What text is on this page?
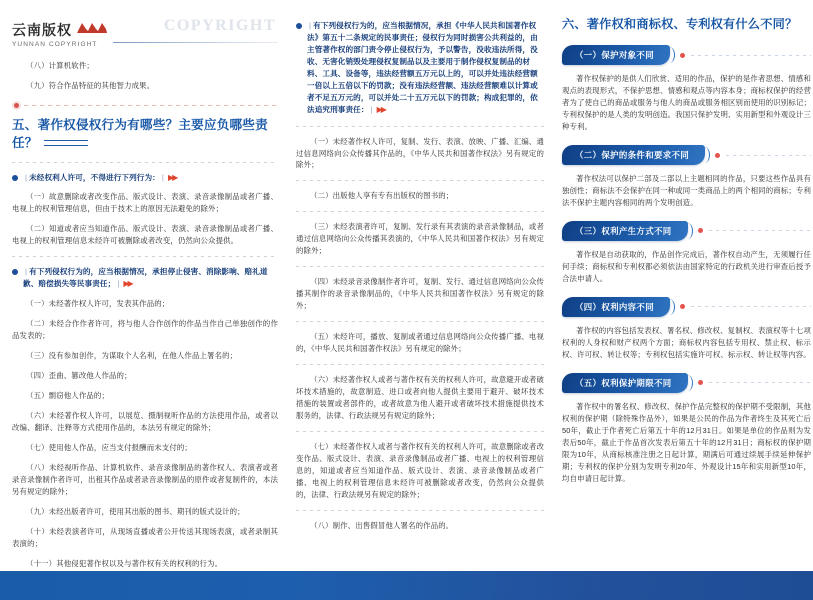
云南版权
YUNNAN COPYRIGHT
COPYRIGHT

（八）计算机软件；

（九）符合作品特征的其他智力成果。

五、著作权侵权行为有哪些？主要应负哪些责任？
| 未经权利人许可，不得进行下列行为： | ▶▶

（一）故意删除或者改变作品、版式设计、表演、录音录像制品或者广播、电视上的权利管理信息，但由于技术上的原因无法避免的除外；

（二）知道或者应当知道作品、版式设计、表演、录音录像制品或者广播、电视上的权利管理信息未经许可被删除或者改变，仍然向公众提供。

| 有下列侵权行为的，应当根据情况，承担停止侵害、消除影响、赔礼道歉、赔偿损失等民事责任； | ▶▶

（一）未经著作权人许可，发表其作品的；

（二）未经合作作者许可，将与他人合作创作的作品当作自己单独创作的作品发表的；

（三）没有参加创作，为谋取个人名利，在他人作品上署名的；

（四）歪曲、篡改他人作品的；

（五）剽窃他人作品的；

（六）未经著作权人许可，以展览、摄制视听作品的方法使用作品，或者以改编、翻译、注释等方式使用作品的，本法另有规定的除外；

（七）使用他人作品，应当支付报酬而未支付的；

（八）未经视听作品、计算机软件、录音录像制品的著作权人、表演者或者录音录像制作者许可，出租其作品或者录音录像制品的原件或者复制件的，本法另有规定的除外；

（九）未经出版者许可，使用其出版的图书、期刊的版式设计的；

（十）未经表演者许可，从现场直播或者公开传送其现场表演，或者录制其表演的；

（十一）其他侵犯著作权以及与著作权有关的权利的行为。

| 有下列侵权行为的，应当根据情况，承担《中华人民共和国著作权法》第五十二条规定的民事责任；侵权行为同时损害公共利益的，由主管著作权的部门责令停止侵权行为，予以警告，没收违法所得，没收、无害化销毁处理侵权复制品以及主要用于制作侵权复制品的材料、工具、设备等，违法经营额五万元以上的，可以并处违法经营额一倍以上五倍以下的罚款；没有违法经营额、违法经营额难以计算或者不足五万元的，可以并处二十五万元以下的罚款；构成犯罪的，依法追究刑事责任： | ▶▶

（一）未经著作权人许可，复制、发行、表演、放映、广播、汇编、通过信息网络向公众传播其作品的，《中华人民共和国著作权法》另有规定的除外；

（二）出版他人享有专有出版权的图书的；

（三）未经表演者许可，复制、发行录有其表演的录音录像制品，或者通过信息网络向公众传播其表演的，《中华人民共和国著作权法》另有规定的除外；

（四）未经录音录像制作者许可，复制、发行、通过信息网络向公众传播其制作的录音录像制品的，《中华人民共和国著作权法》另有规定的除外；

（五）未经许可，播放、复制或者通过信息网络向公众传播广播、电视的，《中华人民共和国著作权法》另有规定的除外；

（六）未经著作权人或者与著作权有关的权利人许可，故意避开或者破坏技术措施的，故意制造、进口或者向他人提供主要用于避开、破坏技术措施的装置或者部件的，或者故意为他人避开或者破坏技术措施提供技术服务的，法律、行政法规另有规定的除外；

（七）未经著作权人或者与著作权有关的权利人许可，故意删除或者改变作品、版式设计、表演、录音录像制品或者广播、电视上的权利管理信息的，知道或者应当知道作品、版式设计、表演、录音录像制品或者广播、电视上的权利管理信息未经许可被删除或者改变，仍然向公众提供的，法律、行政法规另有规定的除外；

（八）制作、出售假冒他人署名的作品的。

六、著作权和商标权、专利权有什么不同？
（一）保护对象不同

著作权保护的是供人们欣赏、适用的作品，保护的是作者思想、情感和观点的表现形式，不保护思想、情感和观点等内容本身；商标权保护的经营者为了使自己的商品或服务与他人的商品或服务相区别而使用的识别标记；专利权保护的是人类的发明创造。我国只保护发明、实用新型和外观设计三种专利。

（二）保护的条件和要求不同

著作权法可以保护二部及二部以上主题相同的作品，只要这些作品具有独创性；商标法不会保护在同一种或同一类商品上的两个相同的商标；专利法不保护主题内容相同的两个发明创造。

（三）权利产生方式不同

著作权是自动获取的，作品创作完成后，著作权自动产生，无须履行任何手续；商标权和专利权都必须依法由国家特定的行政机关进行审查后授予合法申请人。

（四）权利内容不同

著作权的内容包括发表权、署名权、修改权、复制权、表演权等十七项权利的人身权和财产权两个方面；商标权内容包括专用权、禁止权、标示权、许可权、转让权等；专利权包括实施许可权、标示权、转让权等内容。

（五）权利保护期限不同

著作权中的署名权、修改权、保护作品完整权的保护期不受限制，其他权利的保护期（除特殊作品外），如果是公民的作品为作者终生及其死亡后50年，截止于作者死亡后第五十年的12月31日。如果是单位的作品则为发表后50年，截止于作品首次发表后第五十年的12月31日；商标权的保护期限为10年，从商标核准注册之日起计算，期满后可通过续展手续延伸保护期；专利权的保护分别为发明专利20年、外观设计15年和实用新型10年，均自申请日起计算。
